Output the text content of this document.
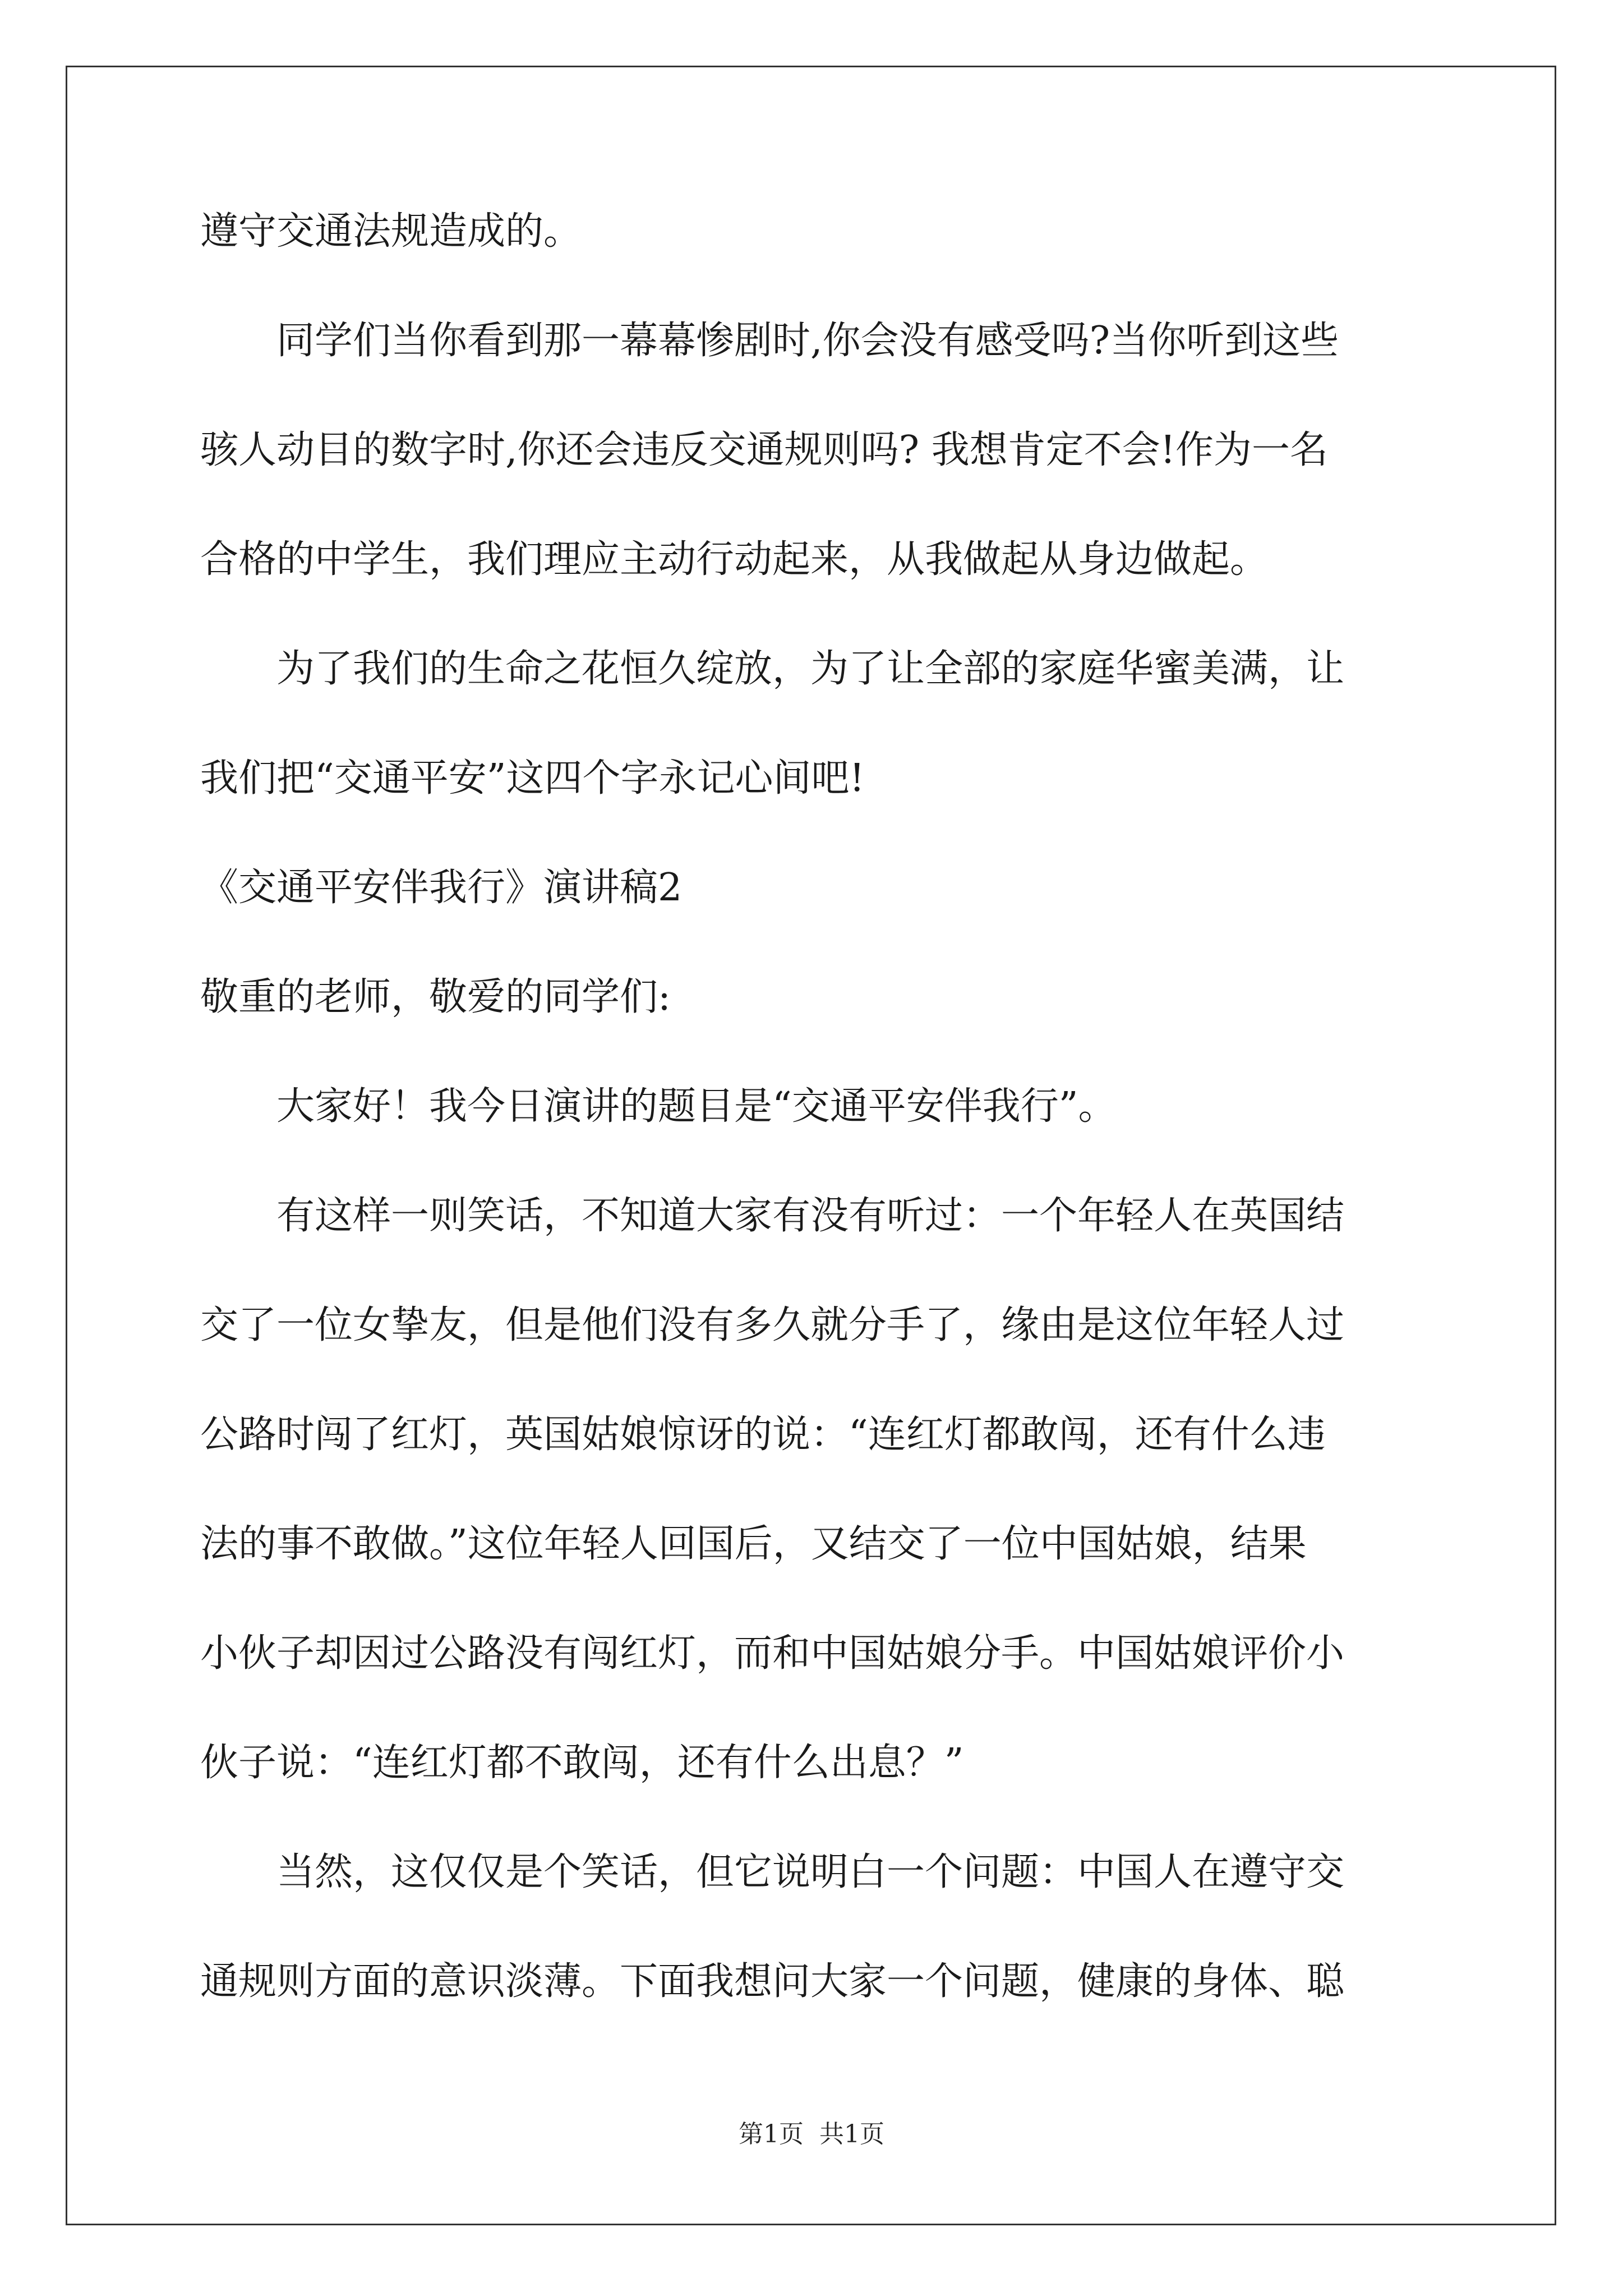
遵守交通法规造成的。
　　同学们当你看到那一幕幕惨剧时,你会没有感受吗?当你听到这些
骇人动目的数字时,你还会违反交通规则吗? 我想肯定不会!作为一名
合格的中学生，我们理应主动行动起来，从我做起从身边做起。
　　为了我们的生命之花恒久绽放，为了让全部的家庭华蜜美满，让
我们把“交通平安”这四个字永记心间吧!
《交通平安伴我行》演讲稿2
敬重的老师，敬爱的同学们:
　　大家好！我今日演讲的题目是“交通平安伴我行”。
　　有这样一则笑话，不知道大家有没有听过：一个年轻人在英国结
交了一位女挚友，但是他们没有多久就分手了，缘由是这位年轻人过
公路时闯了红灯，英国姑娘惊讶的说：“连红灯都敢闯，还有什么违
法的事不敢做。”这位年轻人回国后，又结交了一位中国姑娘，结果
小伙子却因过公路没有闯红灯，而和中国姑娘分手。中国姑娘评价小
伙子说：“连红灯都不敢闯，还有什么出息？”
　　当然，这仅仅是个笑话，但它说明白一个问题：中国人在遵守交
通规则方面的意识淡薄。下面我想问大家一个问题，健康的身体、聪
第1页 共1页
